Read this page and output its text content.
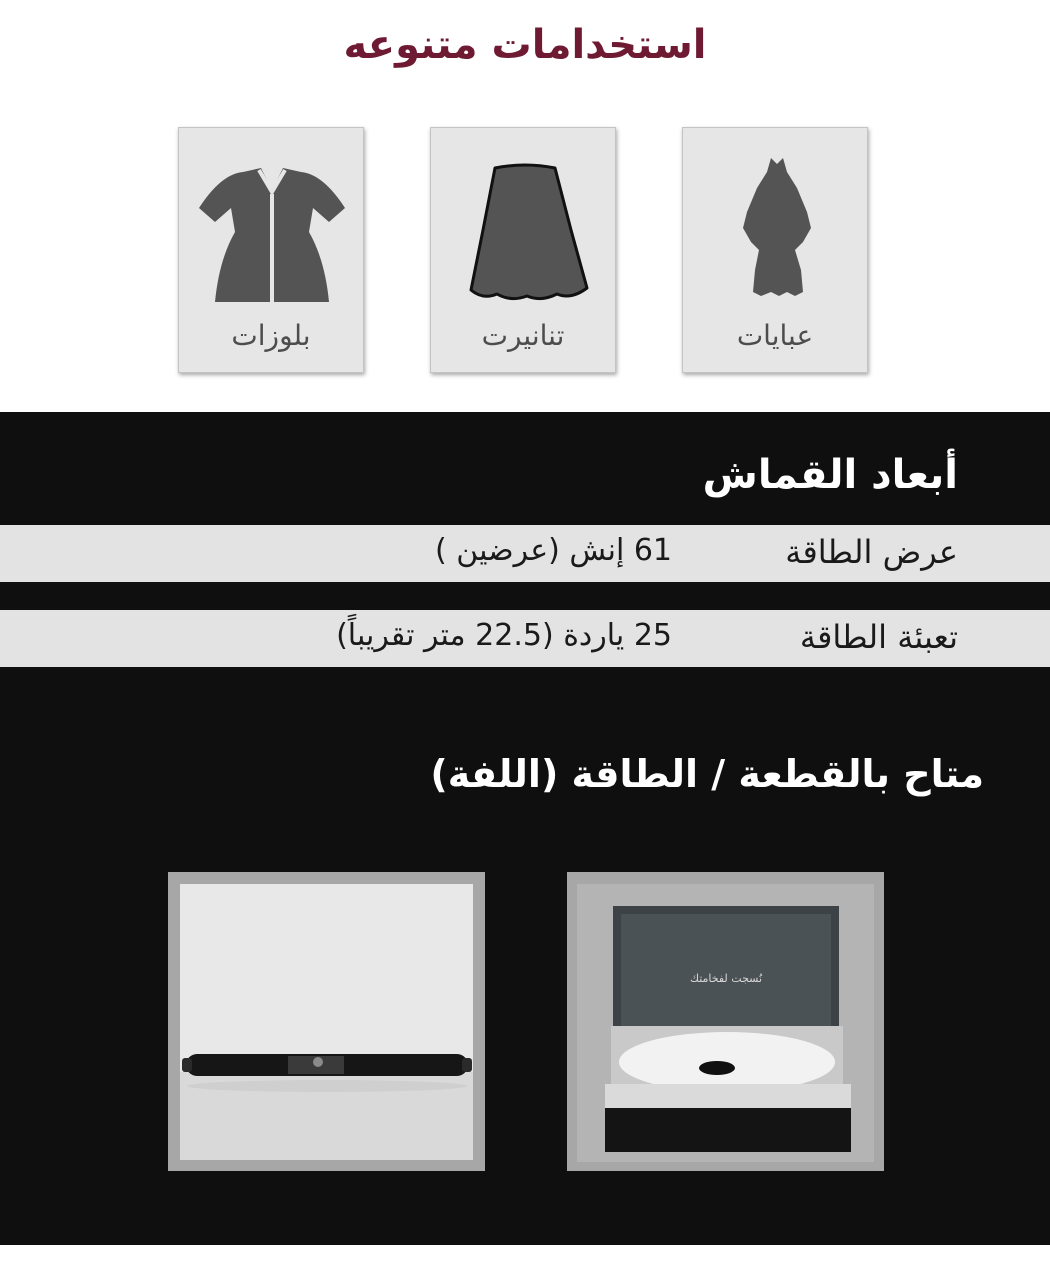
استخدامات متنوعه
عبايات
تنانيرت
بلوزات
أبعاد القماش
عرض الطاقة
61 إنش (عرضين )
تعبئة الطاقة
25 ياردة (22.5 متر تقريباً)
متاح بالقطعة / الطاقة (اللفة)
نُسجت لفخامتك
